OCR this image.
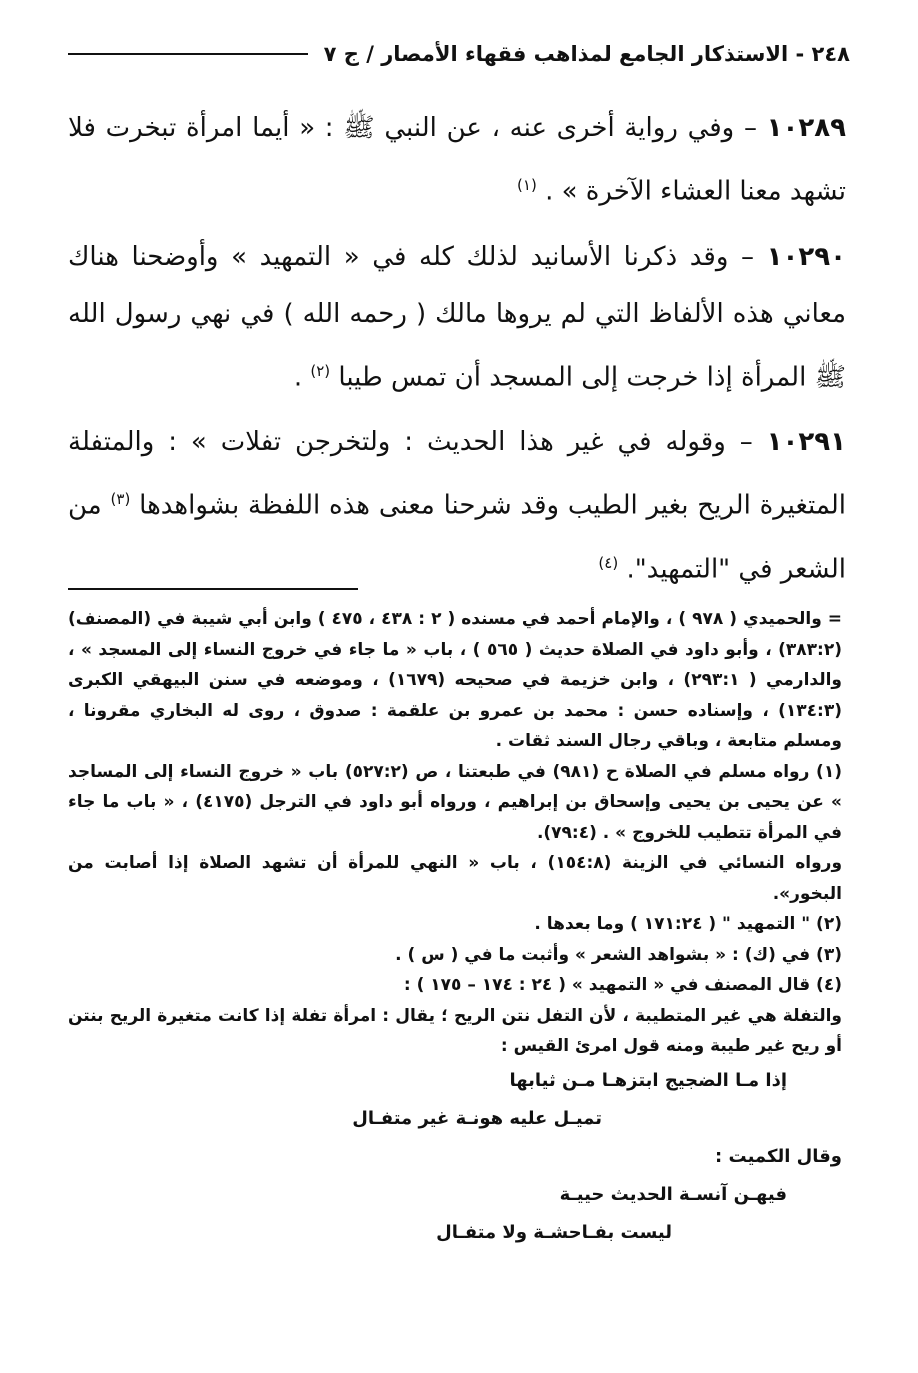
٢٤٨ - الاستذكار الجامع لمذاهب فقهاء الأمصار / ج ٧

١٠٢٨٩ – وفي رواية أخرى عنه ، عن النبي ﷺ : « أيما امرأة تبخرت فلا تشهد معنا العشاء الآخرة » . $^{(١)}$

١٠٢٩٠ – وقد ذكرنا الأسانيد لذلك كله في « التمهيد » وأوضحنا هناك معاني هذه الألفاظ التي لم يروها مالك ( رحمه الله ) في نهي رسول الله ﷺ المرأة إذا خرجت إلى المسجد أن تمس طيبا $^{(٢)}$ .

١٠٢٩١ – وقوله في غير هذا الحديث : ولتخرجن تفلات » : والمتفلة المتغيرة الريح بغير الطيب وقد شرحنا معنى هذه اللفظة بشواهدها $^{(٣)}$ من الشعر في "التمهيد". $^{(٤)}$

= والحميدي ( ٩٧٨ ) ، والإمام أحمد في مسنده ( ٢ : ٤٣٨ ، ٤٧٥ ) وابن أبي شيبة في (المصنف) (٣٨٣:٢) ، وأبو داود في الصلاة حديث ( ٥٦٥ ) ، باب « ما جاء في خروج النساء إلى المسجد » ، والدارمي ( ٢٩٣:١) ، وابن خزيمة في صحيحه (١٦٧٩) ، وموضعه في سنن البيهقي الكبرى (١٣٤:٣) ، وإسناده حسن : محمد بن عمرو بن علقمة : صدوق ، روى له البخاري مقرونا ، ومسلم متابعة ، وباقي رجال السند ثقات .

(١) رواه مسلم في الصلاة ح (٩٨١) في طبعتنا ، ص (٥٢٧:٢) باب « خروج النساء إلى المساجد » عن يحيى بن يحيى وإسحاق بن إبراهيم ، ورواه أبو داود في الترجل (٤١٧٥) ، « باب ما جاء في المرأة تتطيب للخروج » . (٧٩:٤).

ورواه النسائي في الزينة (١٥٤:٨) ، باب « النهي للمرأة أن تشهد الصلاة إذا أصابت من البخور».

(٢) " التمهيد " ( ١٧١:٢٤ ) وما بعدها .

(٣) في (ك) : « بشواهد الشعر » وأثبت ما في ( س ) .

(٤) قال المصنف في « التمهيد » ( ٢٤ : ١٧٤ – ١٧٥ ) :

والتفلة هي غير المتطيبة ، لأن التفل نتن الريح ؛ يقال : امرأة تفلة إذا كانت متغيرة الريح بنتن أو ريح غير طيبة ومنه قول امرئ القيس :

إذا مـا الضجيج ابتزهـا مـن ثيابها

تميـل عليه هونـة غير متفـال

وقال الكميت :

فيهـن آنسـة الحديث حييـة

ليست بفـاحشـة ولا متفـال
